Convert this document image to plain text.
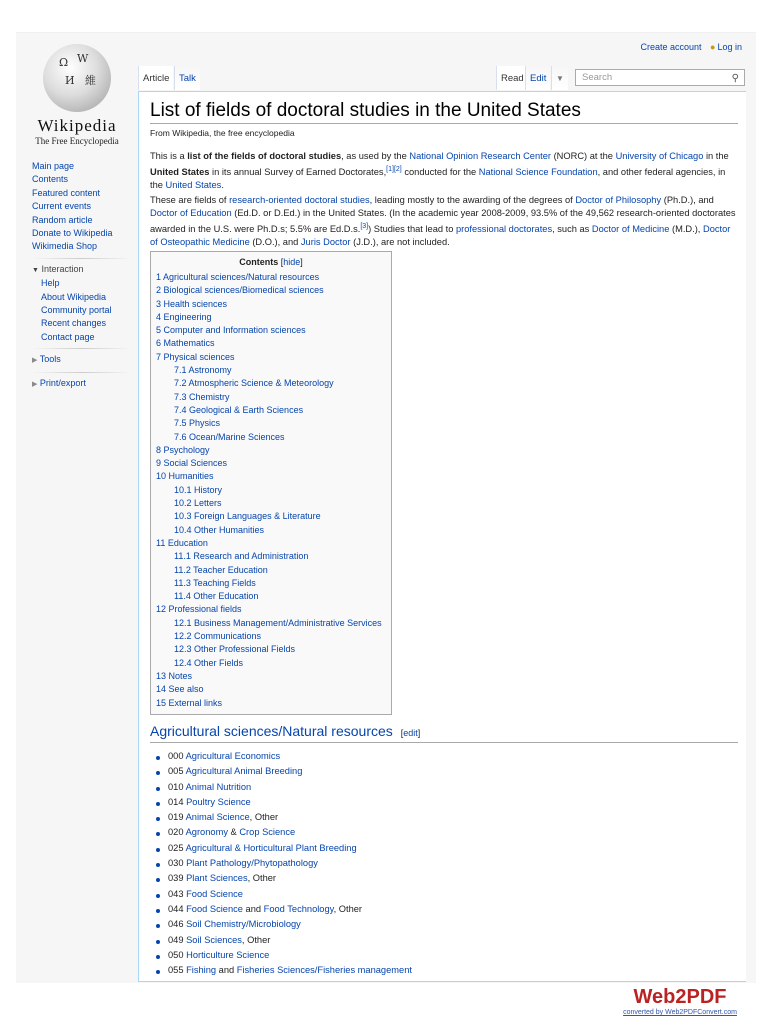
Ω W
И 維
Wikipedia
The Free Encyclopedia
Create account ● Log in
Article	Talk	Read Edit	▼	Search	⚲
Main page
Contents
Featured content
Current events
Random article
Donate to Wikipedia
Wikimedia Shop
▼ Interaction
Help
About Wikipedia
Community portal
Recent changes
Contact page
▶ Tools
▶ Print/export
List of fields of doctoral studies in the United States
From Wikipedia, the free encyclopedia
This is a list of the fields of doctoral studies, as used by the National Opinion Research Center (NORC) at the University of Chicago in the United States in its annual Survey of Earned Doctorates,[1][2] conducted for the National Science Foundation, and other federal agencies, in the United States.
These are fields of research-oriented doctoral studies, leading mostly to the awarding of the degrees of Doctor of Philosophy (Ph.D.), and Doctor of Education (Ed.D. or D.Ed.) in the United States. (In the academic year 2008-2009, 93.5% of the 49,562 research-oriented doctorates awarded in the U.S. were Ph.D.s; 5.5% are Ed.D.s.[3]) Studies that lead to professional doctorates, such as Doctor of Medicine (M.D.), Doctor of Osteopathic Medicine (D.O.), and Juris Doctor (J.D.), are not included.
Contents [hide]
1 Agricultural sciences/Natural resources
2 Biological sciences/Biomedical sciences
3 Health sciences
4 Engineering
5 Computer and Information sciences
6 Mathematics
7 Physical sciences
7.1 Astronomy
7.2 Atmospheric Science & Meteorology
7.3 Chemistry
7.4 Geological & Earth Sciences
7.5 Physics
7.6 Ocean/Marine Sciences
8 Psychology
9 Social Sciences
10 Humanities
10.1 History
10.2 Letters
10.3 Foreign Languages & Literature
10.4 Other Humanities
11 Education
11.1 Research and Administration
11.2 Teacher Education
11.3 Teaching Fields
11.4 Other Education
12 Professional fields
12.1 Business Management/Administrative Services
12.2 Communications
12.3 Other Professional Fields
12.4 Other Fields
13 Notes
14 See also
15 External links
Agricultural sciences/Natural resources [edit]
000 Agricultural Economics
005 Agricultural Animal Breeding
010 Animal Nutrition
014 Poultry Science
019 Animal Science, Other
020 Agronomy & Crop Science
025 Agricultural & Horticultural Plant Breeding
030 Plant Pathology/Phytopathology
039 Plant Sciences, Other
043 Food Science
044 Food Science and Food Technology, Other
046 Soil Chemistry/Microbiology
049 Soil Sciences, Other
050 Horticulture Science
055 Fishing and Fisheries Sciences/Fisheries management
Web2PDF
converted by Web2PDFConvert.com
